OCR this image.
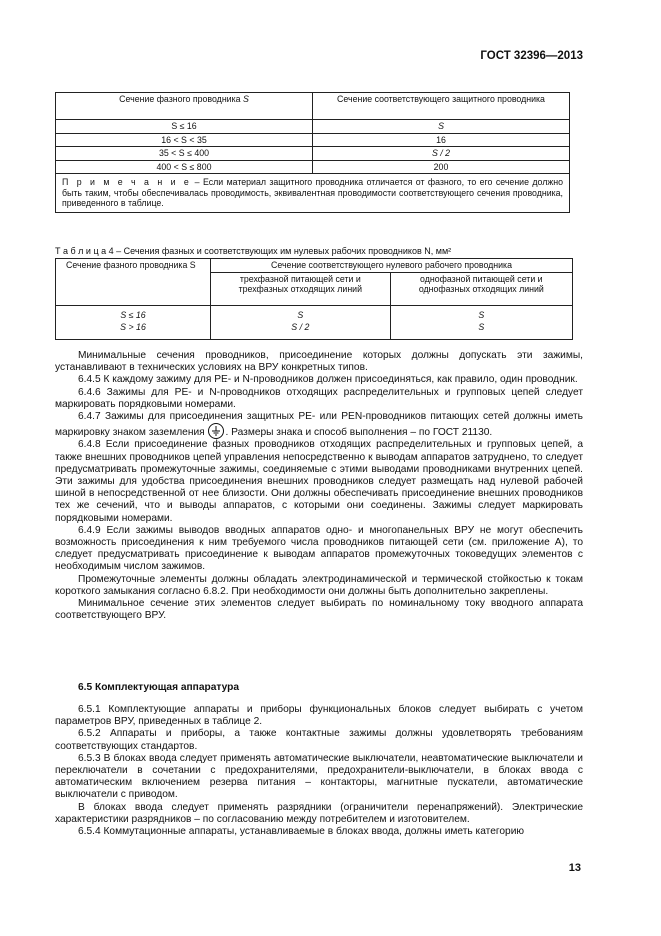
ГОСТ 32396—2013
Сечение фазного проводника S	Сечение соответствующего защитного проводника
S ≤ 16	S
16 < S < 35	16
35 < S ≤ 400	S / 2
400 < S ≤ 800	200
П р и м е ч а н и е – Если материал защитного проводника отличается от фазного, то его сечение должно быть таким, чтобы обеспечивалась проводимость, эквивалентная проводимости соответствующего сечения проводника, приведенного в таблице.	
Т а б л и ц а 4 – Сечения фазных и соответствующих им нулевых рабочих проводников N, мм²
Сечение фазного проводника S	Сечение соответствующего нулевого рабочего проводника	
	трехфазной питающей сети и трехфазных отходящих линий	однофазной питающей сети и однофазных отходящих линий
S ≤ 16	S	S
S > 16	S / 2	S

Минимальные сечения проводников, присоединение которых должны допускать эти зажимы, устанавливают в технических условиях на ВРУ конкретных типов.

6.4.5 К каждому зажиму для PE- и N-проводников должен присоединяться, как правило, один проводник.

6.4.6 Зажимы для PE- и N-проводников отходящих распределительных и групповых цепей следует маркировать порядковыми номерами.

6.4.7 Зажимы для присоединения защитных PE- или PEN-проводников питающих сетей должны иметь маркировку знаком заземления
. Размеры знака и способ выполнения – по ГОСТ 21130.

6.4.8 Если присоединение фазных проводников отходящих распределительных и групповых цепей, а также внешних проводников цепей управления непосредственно к выводам аппаратов затруднено, то следует предусматривать промежуточные зажимы, соединяемые с этими выводами проводниками внутренних цепей. Эти зажимы для удобства присоединения внешних проводников следует размещать над нулевой рабочей шиной в непосредственной от нее близости. Они должны обеспечивать присоединение внешних проводников тех же сечений, что и выводы аппаратов, с которыми они соединены. Зажимы следует маркировать порядковыми номерами.

6.4.9 Если зажимы выводов вводных аппаратов одно- и многопанельных ВРУ не могут обеспечить возможность присоединения к ним требуемого числа проводников питающей сети (см. приложение А), то следует предусматривать присоединение к выводам аппаратов промежуточных токоведущих элементов с необходимым числом зажимов.

Промежуточные элементы должны обладать электродинамической и термической стойкостью к токам короткого замыкания согласно 6.8.2. При необходимости они должны быть дополнительно закреплены.

Минимальное сечение этих элементов следует выбирать по номинальному току вводного аппарата соответствующего ВРУ.

6.5 Комплектующая аппаратура

6.5.1 Комплектующие аппараты и приборы функциональных блоков следует выбирать с учетом параметров ВРУ, приведенных в таблице 2.

6.5.2 Аппараты и приборы, а также контактные зажимы должны удовлетворять требованиям соответствующих стандартов.

6.5.3 В блоках ввода следует применять автоматические выключатели, неавтоматические выключатели и переключатели в сочетании с предохранителями, предохранители-выключатели, в блоках ввода с автоматическим включением резерва питания – контакторы, магнитные пускатели, автоматические выключатели с приводом.

В блоках ввода следует применять разрядники (ограничители перенапряжений). Электрические характеристики разрядников – по согласованию между потребителем и изготовителем.

6.5.4 Коммутационные аппараты, устанавливаемые в блоках ввода, должны иметь категорию

13
